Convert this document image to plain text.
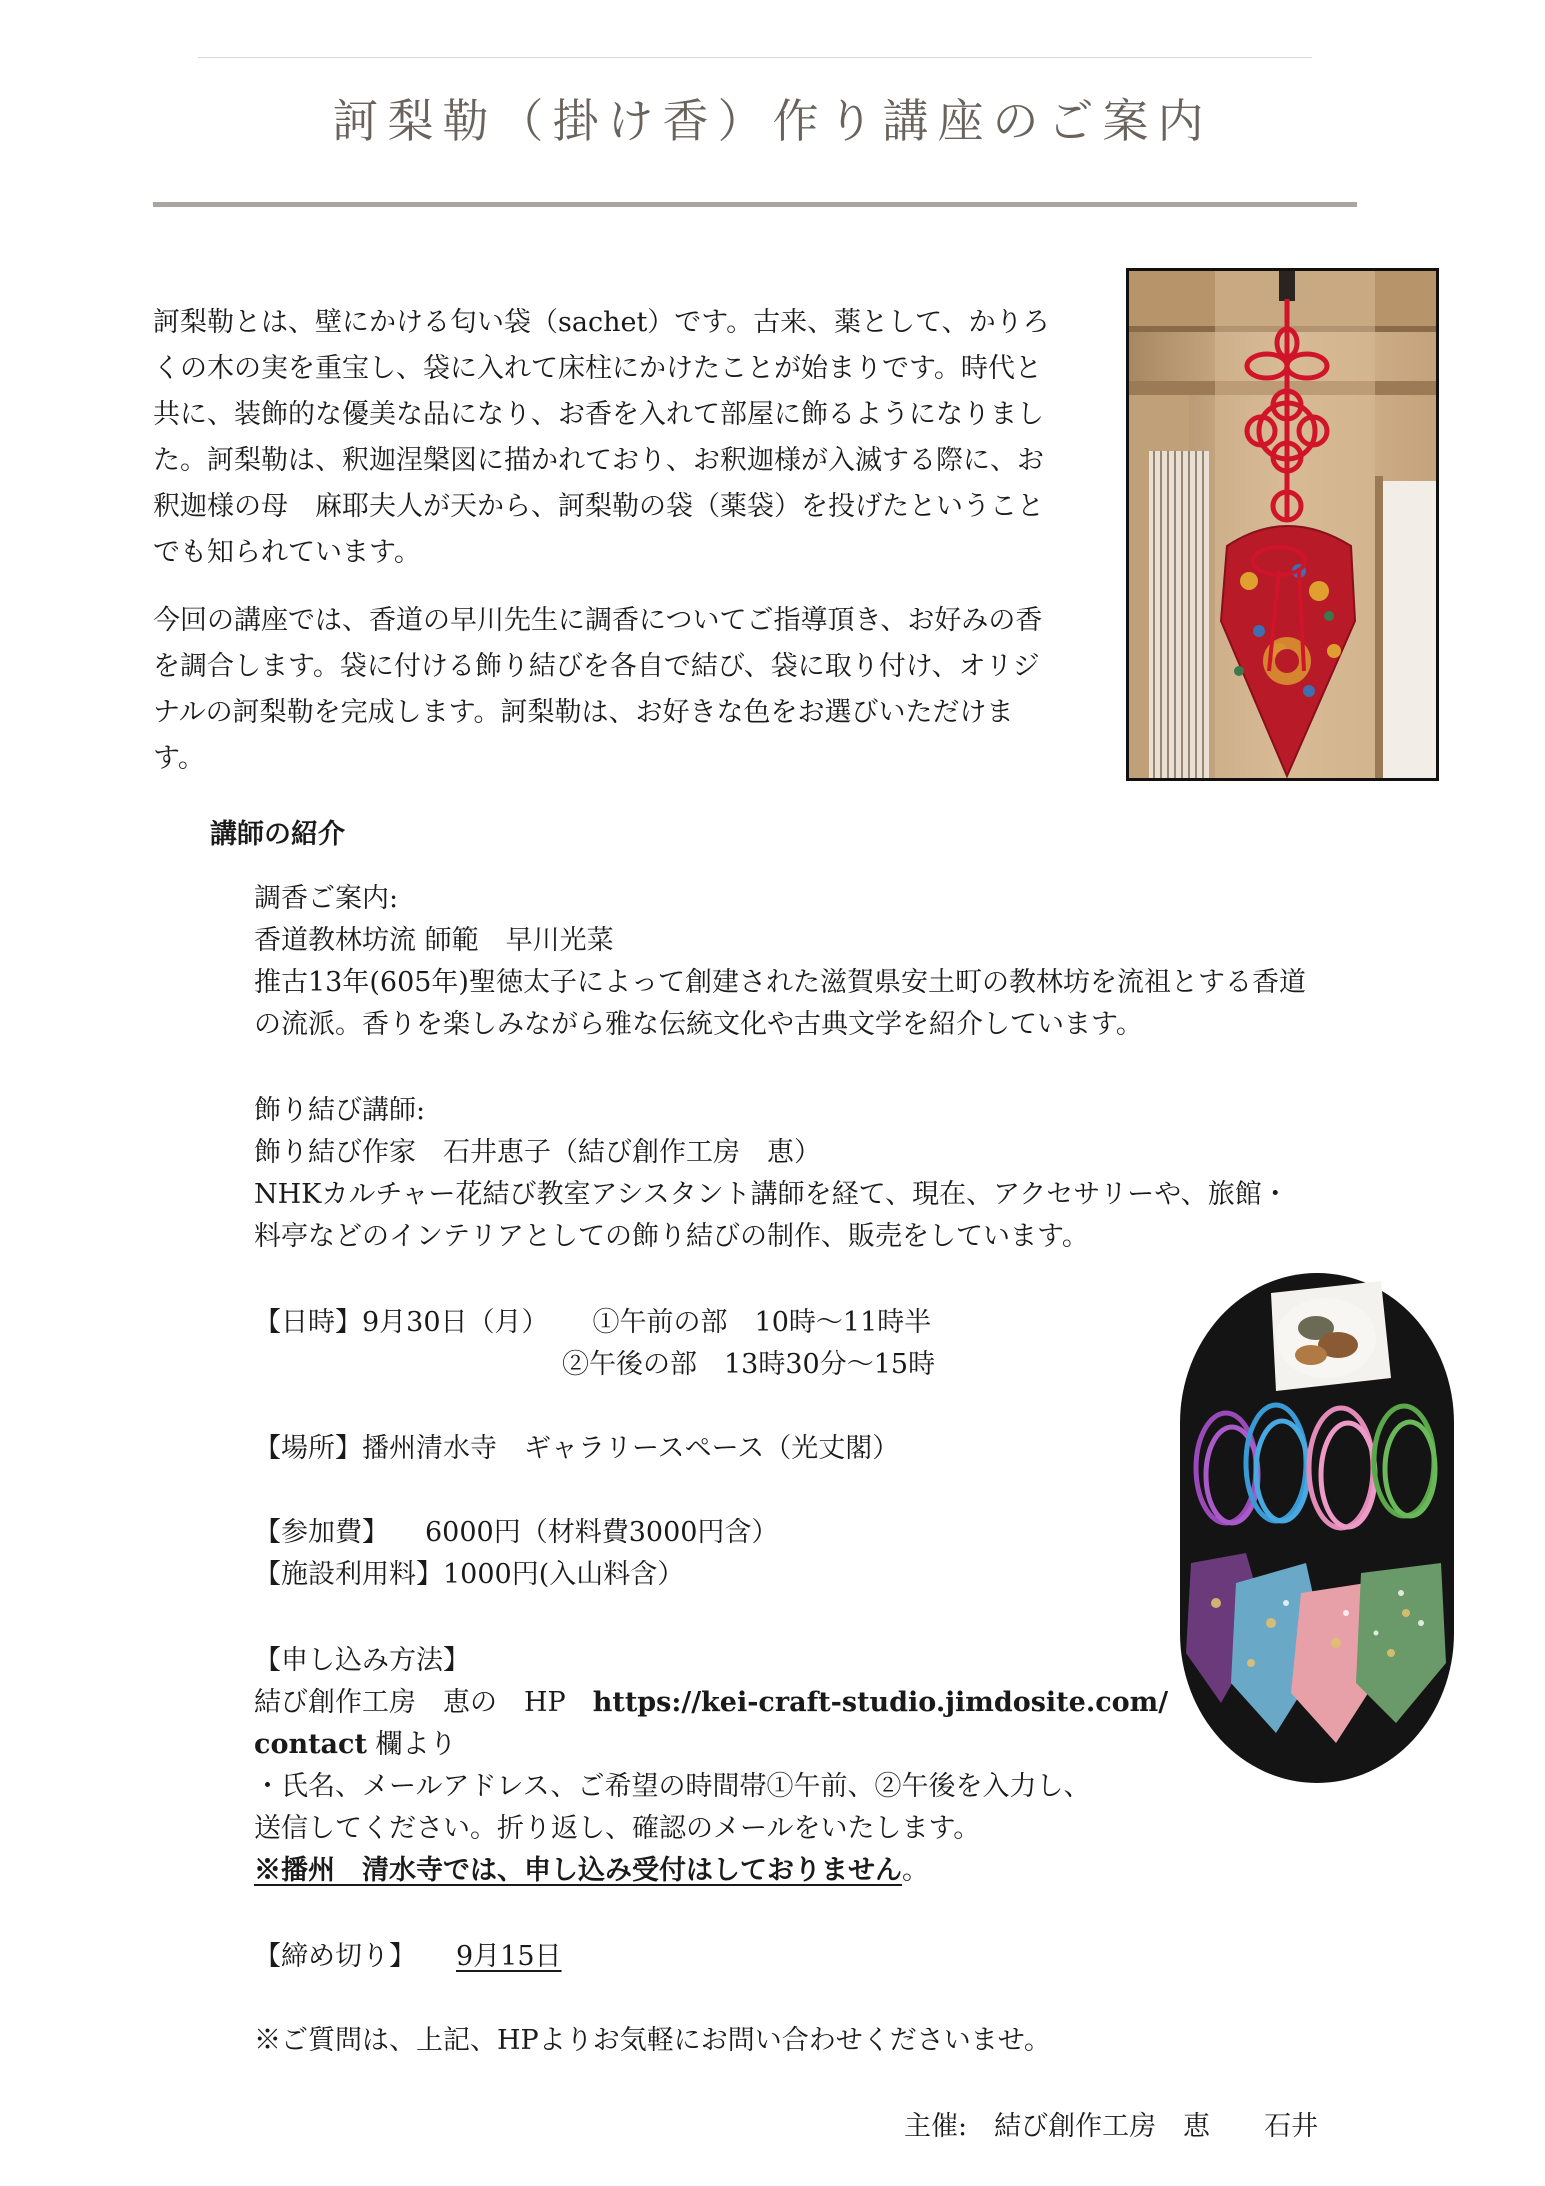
訶梨勒（掛け香）作り講座のご案内
訶梨勒とは、壁にかける匂い袋（sachet）です。古来、薬として、かりろ
くの木の実を重宝し、袋に入れて床柱にかけたことが始まりです。時代と
共に、装飾的な優美な品になり、お香を入れて部屋に飾るようになりまし
た。訶梨勒は、釈迦涅槃図に描かれており、お釈迦様が入滅する際に、お
釈迦様の母　麻耶夫人が天から、訶梨勒の袋（薬袋）を投げたということ
でも知られています。
今回の講座では、香道の早川先生に調香についてご指導頂き、お好みの香
を調合します。袋に付ける飾り結びを各自で結び、袋に取り付け、オリジ
ナルの訶梨勒を完成します。訶梨勒は、お好きな色をお選びいただけま
す。
講師の紹介
調香ご案内:
香道教林坊流 師範　早川光菜
推古13年(605年)聖徳太子によって創建された滋賀県安土町の教林坊を流祖とする香道
の流派。香りを楽しみながら雅な伝統文化や古典文学を紹介しています。
飾り結び講師:
飾り結び作家　石井恵子（結び創作工房　恵）
NHKカルチャー花結び教室アシスタント講師を経て、現在、アクセサリーや、旅館・
料亭などのインテリアとしての飾り結びの制作、販売をしています。
【日時】9月30日（月） ①午前の部　10時〜11時半
②午後の部　13時30分〜15時
【場所】播州清水寺　ギャラリースペース（光丈閣）
【参加費】 6000円（材料費3000円含）
【施設利用料】1000円(入山料含）
【申し込み方法】
結び創作工房　恵の　HP　 https://kei-craft-studio.jimdosite.com/
contact 欄より
・氏名、メールアドレス、ご希望の時間帯①午前、②午後を入力し、
送信してください。折り返し、確認のメールをいたします。
※播州　清水寺では、申し込み受付はしておりません。
【締め切り】 9月15日
※ご質問は、上記、HPよりお気軽にお問い合わせくださいませ。
主催:　結び創作工房　恵　　石井
